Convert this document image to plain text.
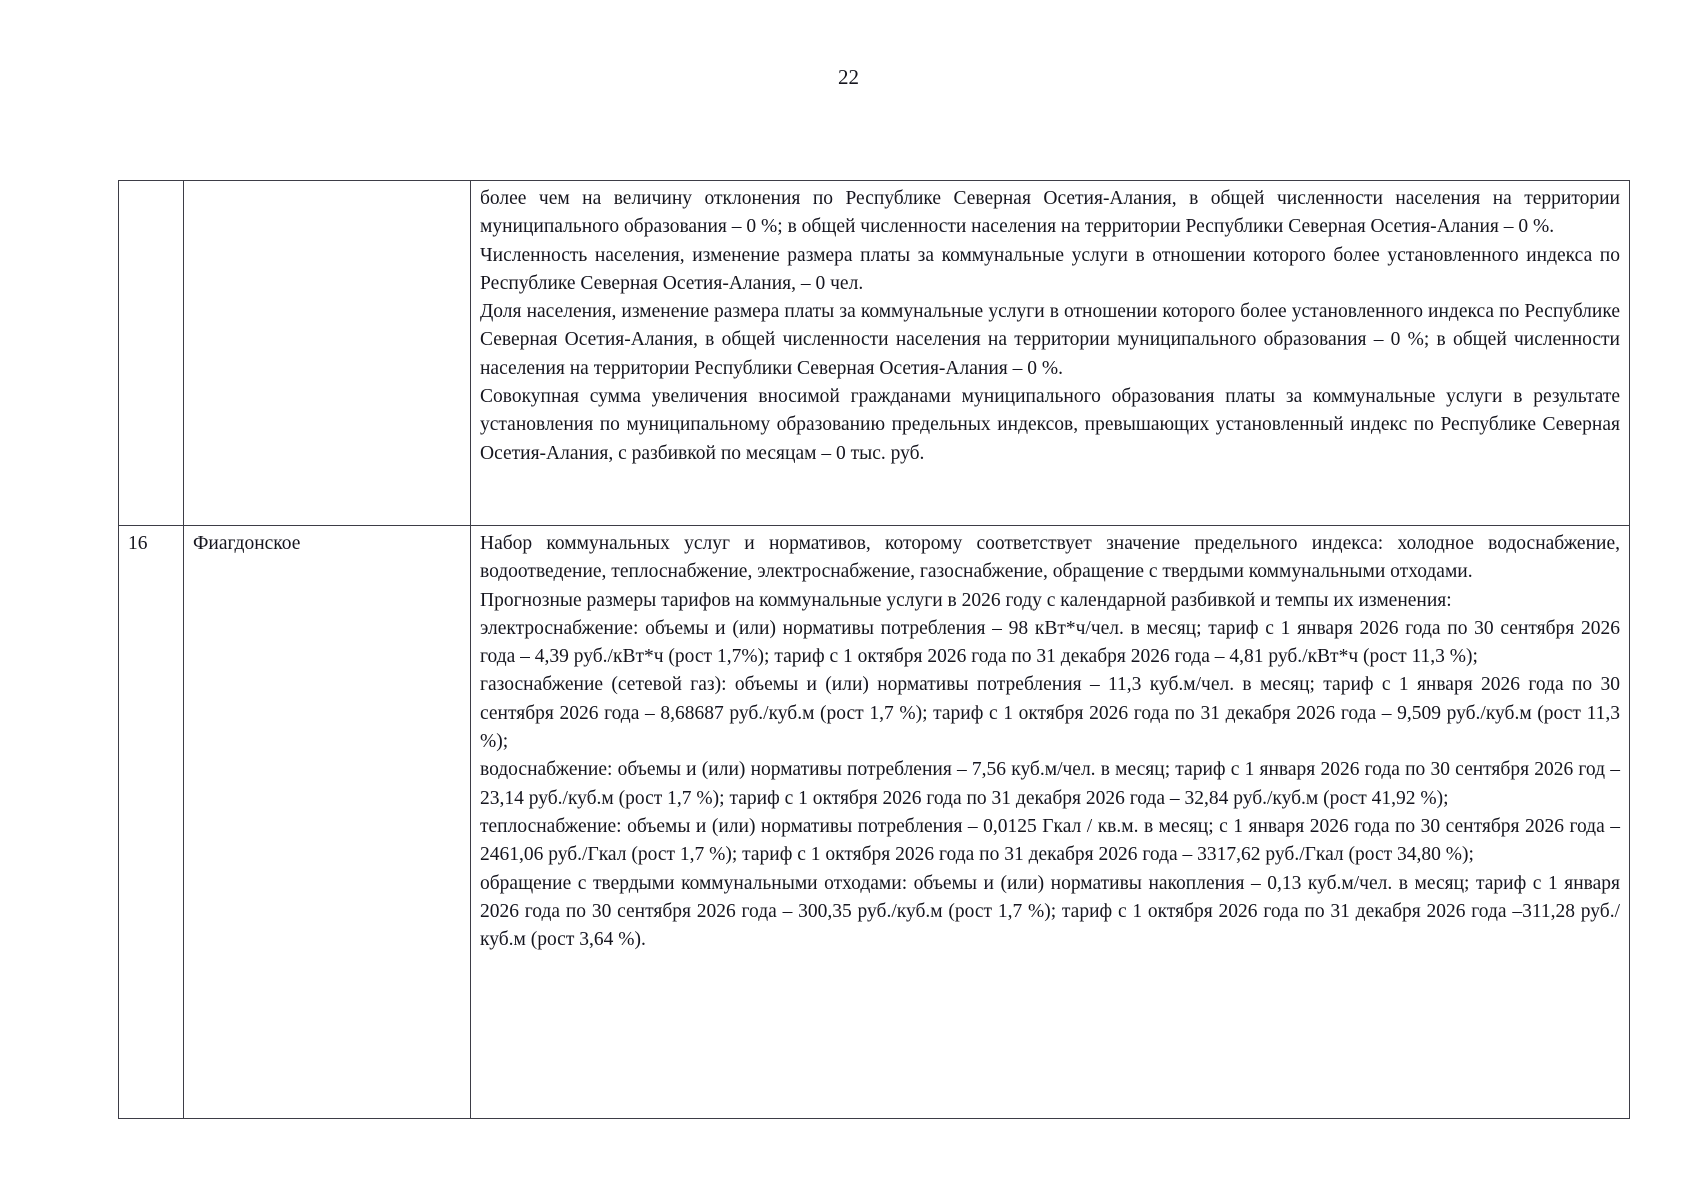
22

		более чем на величину отклонения по Республике Северная Осетия-Алания, в общей численности населения на территории муниципального образования – 0 %; в общей численности населения на территории Республики Северная Осетия-Алания – 0 %.

Численность населения, изменение размера платы за коммунальные услуги в отношении которого более установленного индекса по Республике Северная Осетия-Алания, – 0 чел.

Доля населения, изменение размера платы за коммунальные услуги в отношении которого более установленного индекса по Республике Северная Осетия-Алания, в общей численности населения на территории муниципального образования – 0 %; в общей численности населения на территории Республики Северная Осетия-Алания – 0 %.

Совокупная сумма увеличения вносимой гражданами муниципального образования платы за коммунальные услуги в результате установления по муниципальному образованию предельных индексов, превышающих установленный индекс по Республике Северная Осетия-Алания, с разбивкой по месяцам – 0 тыс. руб.

16	Фиагдонское	Набор коммунальных услуг и нормативов, которому соответствует значение предельного индекса: холодное водоснабжение, водоотведение, теплоснабжение, электроснабжение, газоснабжение, обращение с твердыми коммунальными отходами.

Прогнозные размеры тарифов на коммунальные услуги в 2026 году с календарной разбивкой и темпы их изменения:

электроснабжение: объемы и (или) нормативы потребления – 98 кВт*ч/чел. в месяц; тариф с 1 января 2026 года по 30 сентября 2026 года – 4,39 руб./кВт*ч (рост 1,7%); тариф с 1 октября 2026 года по 31 декабря 2026 года – 4,81 руб./кВт*ч (рост 11,3 %);

газоснабжение (сетевой газ): объемы и (или) нормативы потребления – 11,3 куб.м/чел. в месяц; тариф с 1 января 2026 года по 30 сентября 2026 года – 8,68687 руб./куб.м (рост 1,7 %); тариф с 1 октября 2026 года по 31 декабря 2026 года – 9,509 руб./куб.м (рост 11,3 %);

водоснабжение: объемы и (или) нормативы потребления – 7,56 куб.м/чел. в месяц; тариф с 1 января 2026 года по 30 сентября 2026 год – 23,14 руб./куб.м (рост 1,7 %); тариф с 1 октября 2026 года по 31 декабря 2026 года – 32,84 руб./куб.м (рост 41,92 %);

теплоснабжение: объемы и (или) нормативы потребления – 0,0125 Гкал / кв.м. в месяц; с 1 января 2026 года по 30 сентября 2026 года – 2461,06 руб./Гкал (рост 1,7 %); тариф с 1 октября 2026 года по 31 декабря 2026 года – 3317,62 руб./Гкал (рост 34,80 %);

обращение с твердыми коммунальными отходами: объемы и (или) нормативы накопления – 0,13 куб.м/чел. в месяц; тариф с 1 января 2026 года по 30 сентября 2026 года – 300,35 руб./куб.м (рост 1,7 %); тариф с 1 октября 2026 года по 31 декабря 2026 года –311,28 руб./куб.м (рост 3,64 %).
